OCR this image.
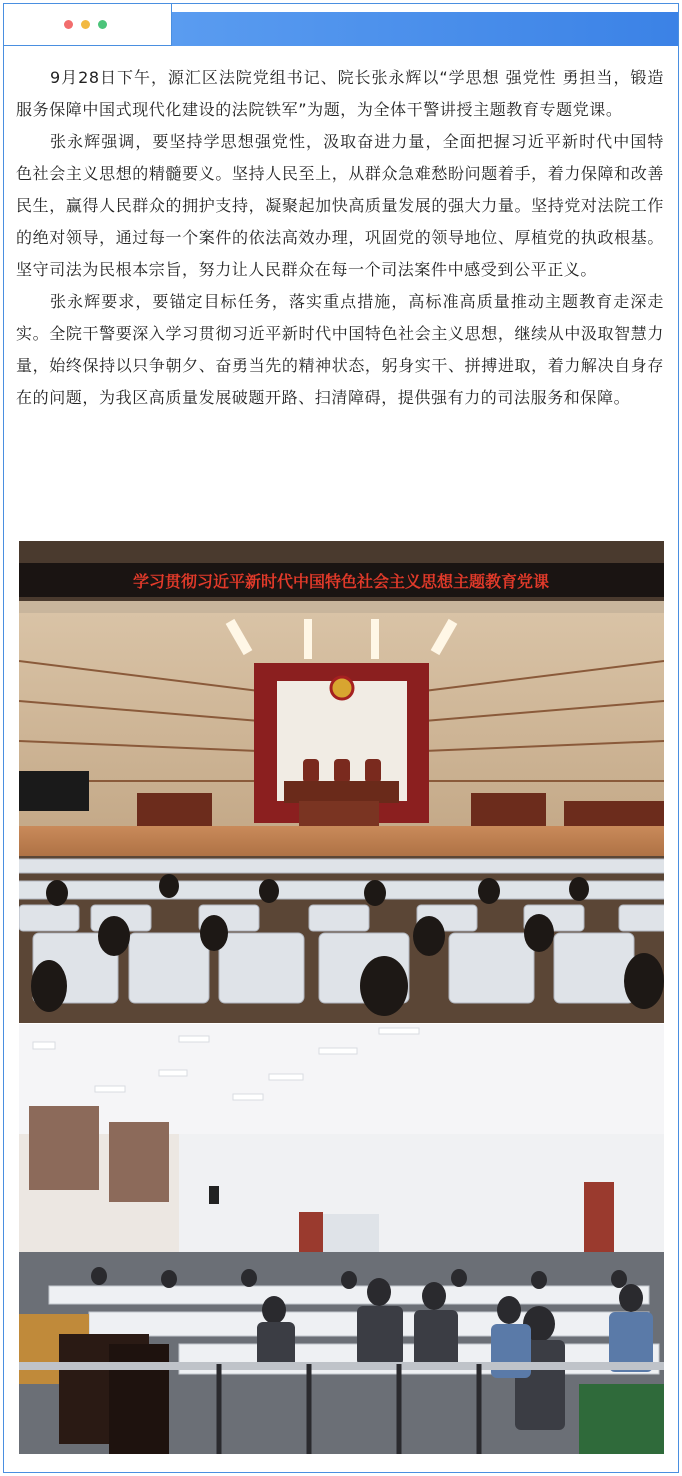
9月28日下午，源汇区法院党组书记、院长张永辉以“学思想 强党性 勇担当，锻造服务保障中国式现代化建设的法院铁军”为题，为全体干警讲授主题教育专题党课。

张永辉强调，要坚持学思想强党性，汲取奋进力量，全面把握习近平新时代中国特色社会主义思想的精髓要义。坚持人民至上，从群众急难愁盼问题着手，着力保障和改善民生，赢得人民群众的拥护支持，凝聚起加快高质量发展的强大力量。坚持党对法院工作的绝对领导，通过每一个案件的依法高效办理，巩固党的领导地位、厚植党的执政根基。坚守司法为民根本宗旨，努力让人民群众在每一个司法案件中感受到公平正义。

张永辉要求，要锚定目标任务，落实重点措施，高标准高质量推动主题教育走深走实。全院干警要深入学习贯彻习近平新时代中国特色社会主义思想，继续从中汲取智慧力量，始终保持以只争朝夕、奋勇当先的精神状态，躬身实干、拼搏进取，着力解决自身存在的问题，为我区高质量发展破题开路、扫清障碍，提供强有力的司法服务和保障。

学习贯彻习近平新时代中国特色社会主义思想主题教育党课
